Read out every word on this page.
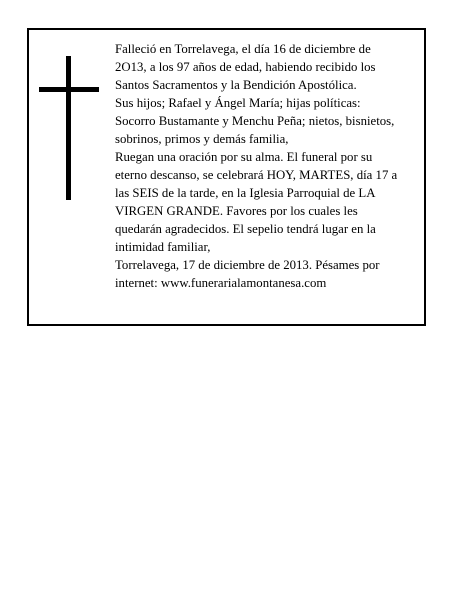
Falleció en Torrelavega, el día 16 de diciembre de
2O13, a los 97 años de edad, habiendo recibido los
Santos Sacramentos y la Bendición Apostólica.
Sus hijos; Rafael y Ángel María; hijas políticas:
Socorro Bustamante y Menchu Peña; nietos, bisnietos,
sobrinos, primos y demás familia,
Ruegan una oración por su alma. El funeral por su
eterno descanso, se celebrará HOY, MARTES, día 17 a
las SEIS de la tarde, en la Iglesia Parroquial de LA
VIRGEN GRANDE. Favores por los cuales les
quedarán agradecidos. El sepelio tendrá lugar en la
intimidad familiar,
Torrelavega, 17 de diciembre de 2013. Pésames por
internet: www.funerarialamontanesa.com
